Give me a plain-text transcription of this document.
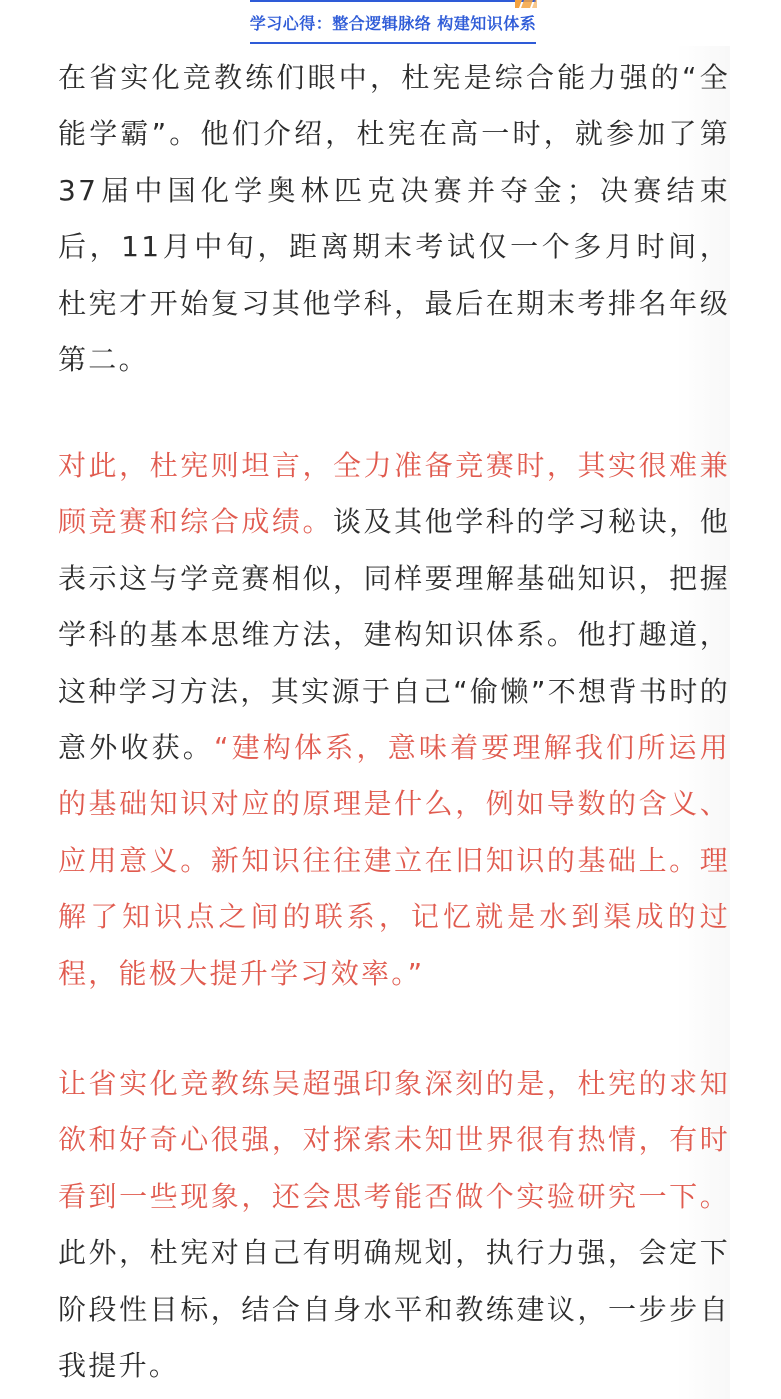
学习心得：整合逻辑脉络 构建知识体系

在省实化竞教练们眼中，杜宪是综合能力强的“全能学霸”。他们介绍，杜宪在高一时，就参加了第37届中国化学奥林匹克决赛并夺金；决赛结束后，11月中旬，距离期末考试仅一个多月时间，杜宪才开始复习其他学科，最后在期末考排名年级第二。

对此，杜宪则坦言，全力准备竞赛时，其实很难兼顾竞赛和综合成绩。谈及其他学科的学习秘诀，他表示这与学竞赛相似，同样要理解基础知识，把握学科的基本思维方法，建构知识体系。他打趣道，这种学习方法，其实源于自己“偷懒”不想背书时的意外收获。“建构体系，意味着要理解我们所运用的基础知识对应的原理是什么，例如导数的含义、应用意义。新知识往往建立在旧知识的基础上。理解了知识点之间的联系，记忆就是水到渠成的过程，能极大提升学习效率。”

让省实化竞教练吴超强印象深刻的是，杜宪的求知欲和好奇心很强，对探索未知世界很有热情，有时看到一些现象，还会思考能否做个实验研究一下。此外，杜宪对自己有明确规划，执行力强，会定下阶段性目标，结合自身水平和教练建议，一步步自我提升。
